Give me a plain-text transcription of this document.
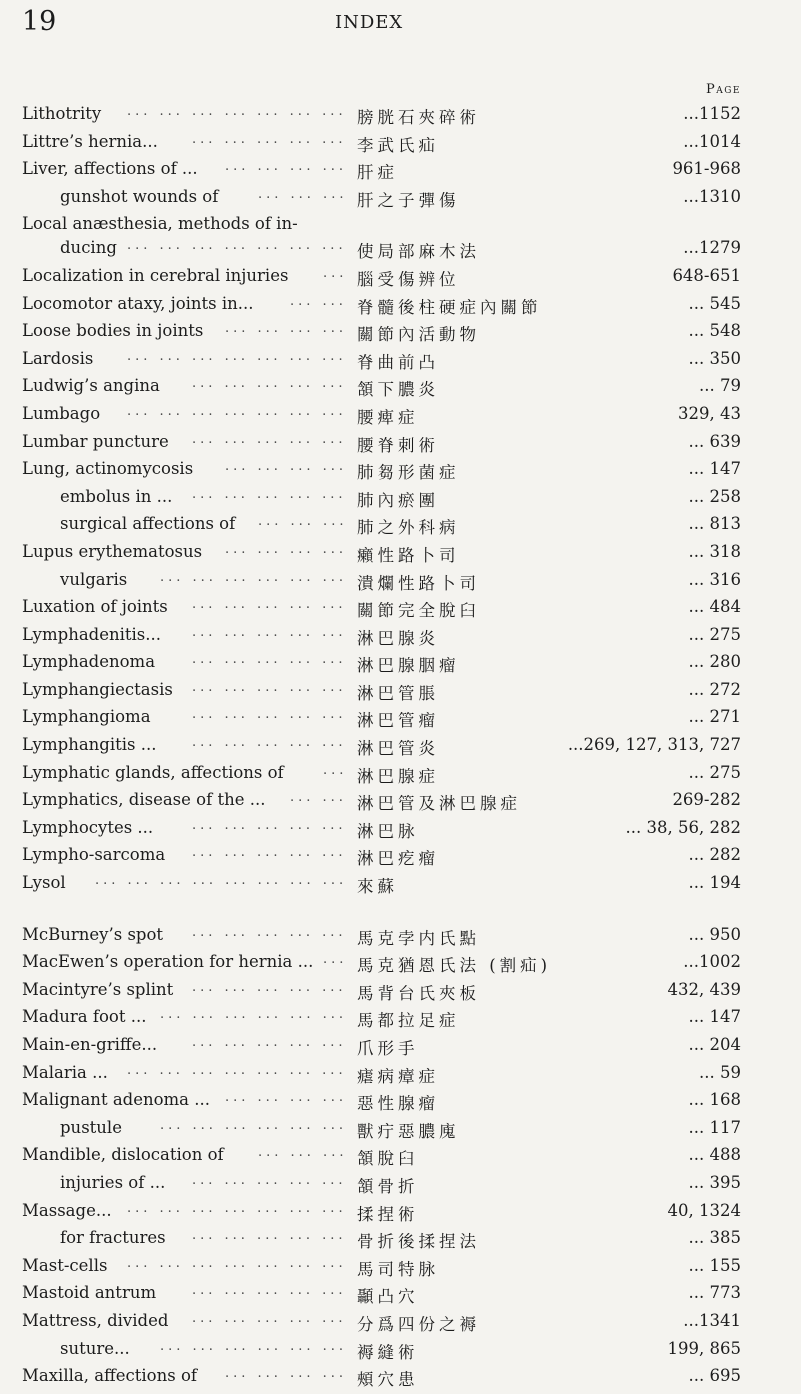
19	INDEX
Page
Lithotrity ... ... ... ... ... ... ... 膀胱石夾碎術	...1152
Littre’s hernia...	... ... ... ... ... 李武氏疝	...1014
Liver, affections of ... ... ... ... ... 肝症	961-968
gunshot wounds of	... ... ... 肝之子彈傷	...1310
Local anæsthesia, methods of in-
ducing ... ... ... ... ... ... ... 使局部麻木法	...1279
Localization in cerebral injuries	... 腦受傷辨位	648-651
Locomotor ataxy, joints in...	... ... 脊髓後柱硬症內關節	... 545
Loose bodies in joints ... ... ... ... 關節內活動物	... 548
Lardosis	... ... ... ... ... ... ... 脊曲前凸	... 350
Ludwig’s angina ... ... ... ... ... 頷下膿炎	... 79
Lumbago ... ... ... ... ... ... ... 腰痺症	329, 43
Lumbar puncture ... ... ... ... ... 腰脊刺術	... 639
Lung, actinomycosis ... ... ... ... 肺芻形菌症	... 147
embolus in ... ... ... ... ... ... 肺內瘀團	... 258
surgical affections of ... ... ... 肺之外科病	... 813
Lupus erythematosus ... ... ... ... 癩性路卜司	... 318
vulgaris	... ... ... ... ... ... 潰爛性路卜司	... 316
Luxation of joints ... ... ... ... ... 關節完全脫臼	... 484
Lymphadenitis... ... ... ... ... ... 淋巴腺炎	... 275
Lymphadenoma	... ... ... ... ... 淋巴腺胭瘤	... 280
Lymphangiectasis ... ... ... ... ... 淋巴管脹	... 272
Lymphangioma	... ... ... ... ... 淋巴管瘤	... 271
Lymphangitis ...	... ... ... ... ... 淋巴管炎	...269, 127, 313, 727
Lymphatic glands, affections of	... 淋巴腺症	... 275
Lymphatics, disease of the ... ... ... 淋巴管及淋巴腺症	269-282
Lymphocytes ...	... ... ... ... ... 淋巴脉	... 38, 56, 282
Lympho-sarcoma ... ... ... ... ... 淋巴疙瘤	... 282
Lysol ... ... ... ... ... ... ... ... 來蘇	... 194
McBurney’s spot ... ... ... ... ... 馬克孛内氏點	... 950
MacEwen’s operation for hernia ... ... 馬克猶恩氏法 (割疝)	...1002
Macintyre’s splint ... ... ... ... ... 馬背台氏夾板	432, 439
Madura foot ... ... ... ... ... ... ... 馬都拉足症	... 147
Main-en-griffe...	... ... ... ... ... 爪形手	... 204
Malaria ... ... ... ... ... ... ... ... 瘧病瘴症	... 59
Malignant adenoma ... ... ... ... ... 惡性腺瘤	... 168
pustule	... ... ... ... ... ... 獸疔惡膿廆	... 117
Mandible, dislocation of	... ... ... 頷脫臼	... 488
injuries of ... ... ... ... ... ... 頷骨折	... 395
Massage... ... ... ... ... ... ... ... 揉捏術	40, 1324
for fractures ... ... ... ... ... 骨折後揉捏法	... 385
Mast-cells ... ... ... ... ... ... ... 馬司特脉	... 155
Mastoid antrum	... ... ... ... ... 顳凸穴	... 773
Mattress, divided ... ... ... ... ... 分爲四份之褥	...1341
suture... ... ... ... ... ... ... 褥縫術	199, 865
Maxilla, affections of ... ... ... ... 頰穴患	... 695
